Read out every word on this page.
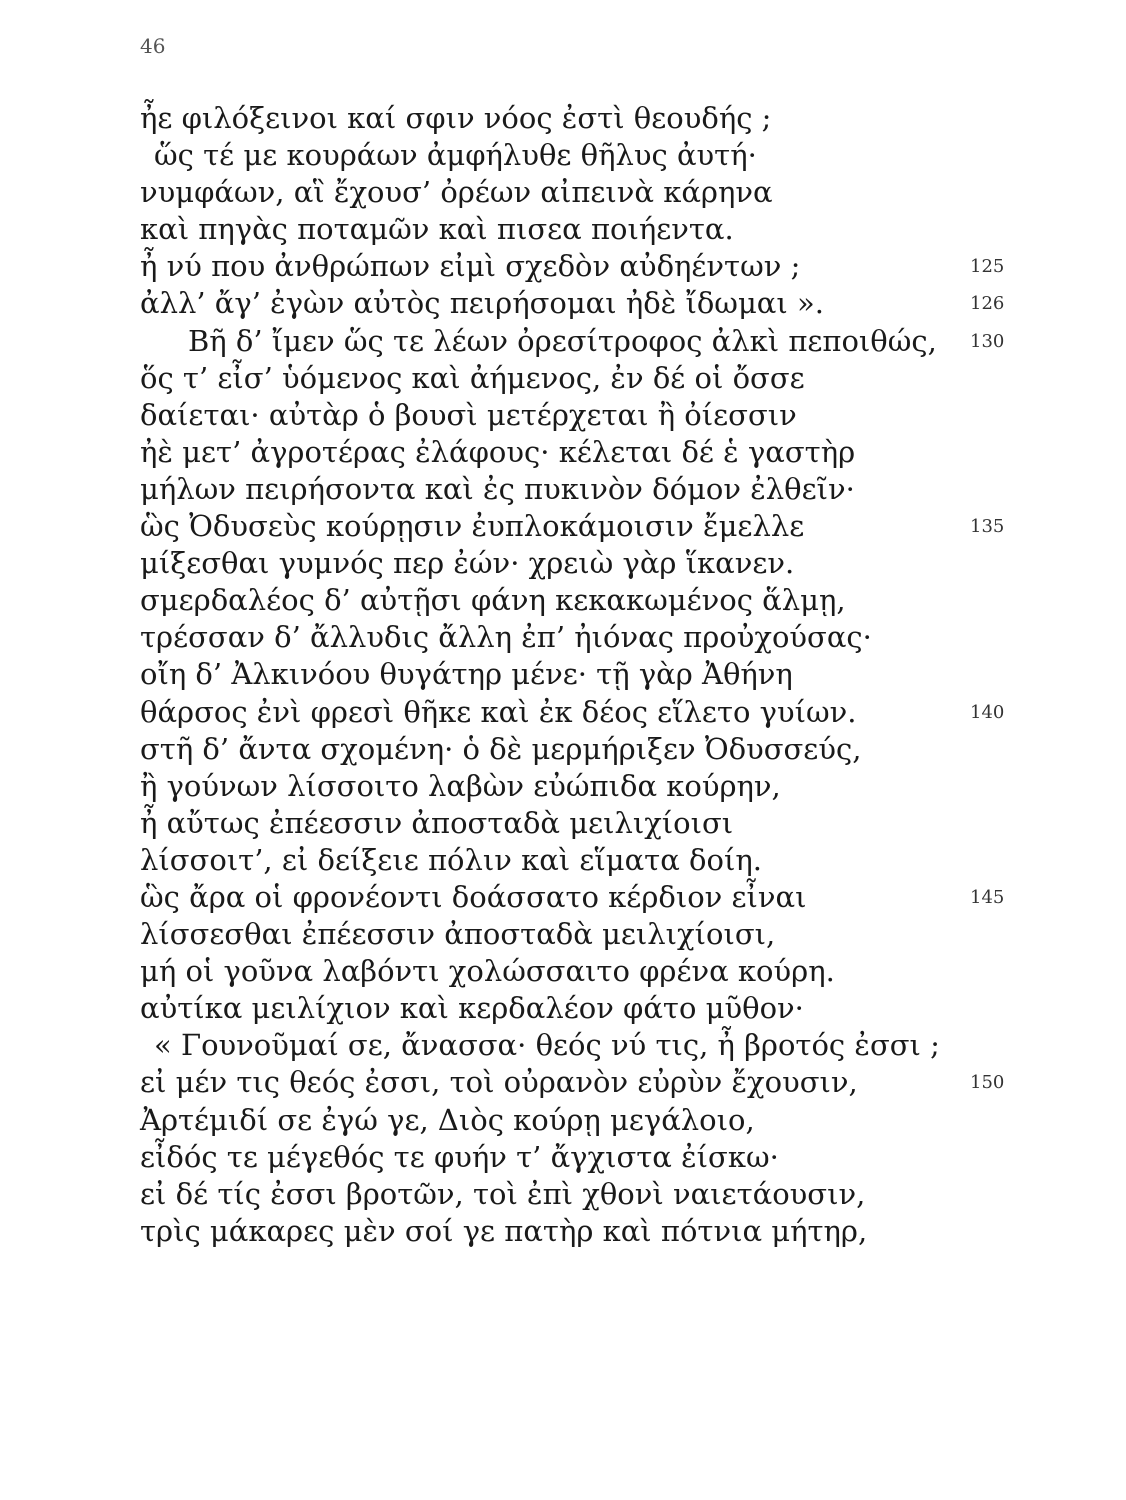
46
ἦε φιλόξεινοι καί σφιν νόος ἐστὶ θεουδής ;
ὥς τέ με κουράων ἀμφήλυθε θῆλυς ἀυτή·
νυμφάων, αἳ ἔχουσ’ ὀρέων αἰπεινὰ κάρηνα
καὶ πηγὰς ποταμῶν καὶ πισεα ποιήεντα.
ἦ νύ που ἀνθρώπων εἰμὶ σχεδὸν αὐδηέντων ;	125
ἀλλ’ ἄγ’ ἐγὼν αὐτὸς πειρήσομαι ἠδὲ ἴδωμαι ».	126
Βῆ δ’ ἴμεν ὥς τε λέων ὀρεσίτροφος ἀλκὶ πεποιθώς, 130
ὅς τ’ εἶσ’ ὑόμενος καὶ ἀήμενος, ἐν δέ οἱ ὄσσε
δαίεται· αὐτὰρ ὁ βουσὶ μετέρχεται ἢ ὀίεσσιν
ἠὲ μετ’ ἀγροτέρας ἐλάφους· κέλεται δέ ἑ γαστὴρ
μήλων πειρήσοντα καὶ ἐς πυκινὸν δόμον ἐλθεῖν·
ὣς Ὀδυσεὺς κούρῃσιν ἐυπλοκάμοισιν ἔμελλε	135
μίξεσθαι γυμνός περ ἐών· χρειὼ γὰρ ἵκανεν.
σμερδαλέος δ’ αὐτῇσι φάνη κεκακωμένος ἅλμῃ,
τρέσσαν δ’ ἄλλυδις ἄλλη ἐπ’ ἠιόνας προὐχούσας·
οἴη δ’ Ἀλκινόου θυγάτηρ μένε· τῇ γὰρ Ἀθήνη
θάρσος ἐνὶ φρεσὶ θῆκε καὶ ἐκ δέος εἵλετο γυίων.	140
στῆ δ’ ἄντα σχομένη· ὁ δὲ μερμήριξεν Ὀδυσσεύς,
ἢ γούνων λίσσοιτο λαβὼν εὐώπιδα κούρην,
ἦ αὔτως ἐπέεσσιν ἀποσταδὰ μειλιχίοισι
λίσσοιτ’, εἰ δείξειε πόλιν καὶ εἵματα δοίη.
ὣς ἄρα οἱ φρονέοντι δοάσσατο κέρδιον εἶναι	145
λίσσεσθαι ἐπέεσσιν ἀποσταδὰ μειλιχίοισι,
μή οἱ γοῦνα λαβόντι χολώσσαιτο φρένα κούρη.
αὐτίκα μειλίχιον καὶ κερδαλέον φάτο μῦθον·
« Γουνοῦμαί σε, ἄνασσα· θεός νύ τις, ἦ βροτός ἐσσι ;
εἰ μέν τις θεός ἐσσι, τοὶ οὐρανὸν εὐρὺν ἔχουσιν,	150
Ἀρτέμιδί σε ἐγώ γε, Διὸς κούρῃ μεγάλοιο,
εἶδός τε μέγεθός τε φυήν τ’ ἄγχιστα ἐίσκω·
εἰ δέ τίς ἐσσι βροτῶν, τοὶ ἐπὶ χθονὶ ναιετάουσιν,
τρὶς μάκαρες μὲν σοί γε πατὴρ καὶ πότνια μήτηρ,
